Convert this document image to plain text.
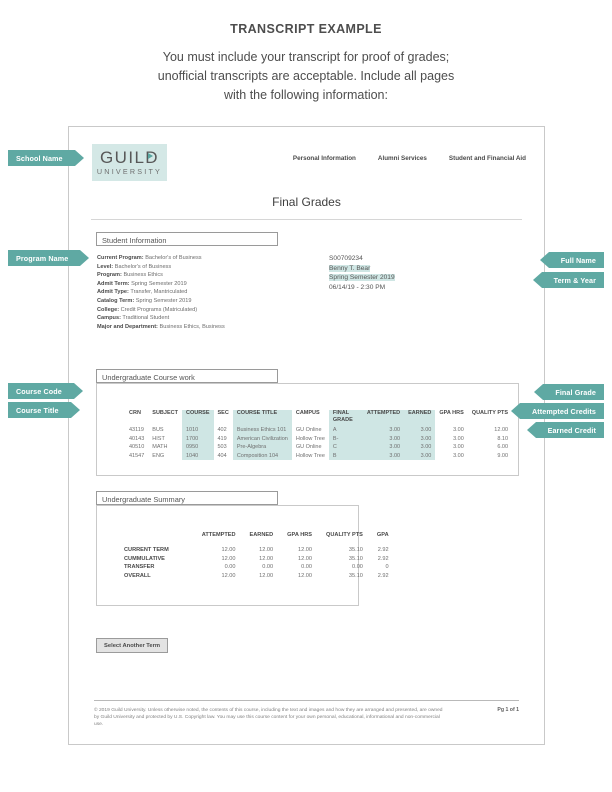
TRANSCRIPT EXAMPLE
You must include your transcript for proof of grades;
unofficial transcripts are acceptable. Include all pages
with the following information:
GUIL D
UNIVERSITY
Personal Information	Alumni Services	Student and Financial Aid
Final Grades
Student Information
Current Program: Bachelor's of Business
Level: Bachelor's of Business
Program: Business Ethics
Admit Term: Spring Semester 2019
Admit Type: Transfer, Mantriculated
Catalog Term: Spring Semester 2019
College: Credit Programs (Matriculated)
Campus: Traditional Student
Major and Department: Business Ethics, Business
S00709234
Benny T. Bear
Spring Semester 2019
06/14/19 - 2:30 PM
Undergraduate Course work
CRN	SUBJECT	COURSE	SEC	COURSE TITLE	CAMPUS	FINAL GRADE	ATTEMPTED	EARNED	GPA HRS	QUALITY PTS
43119	BUS	1010	402	Business Ethics 101	GU Online	A	3.00	3.00	3.00	12.00
40143	HIST	1700	419	American Civilization	Hollow Tree	B-	3.00	3.00	3.00	8.10
40510	MATH	0950	503	Pre-Algebra	GU Online	C	3.00	3.00	3.00	6.00
41547	ENG	1040	404	Composition 104	Hollow Tree	B	3.00	3.00	3.00	9.00
Undergraduate Summary
	ATTEMPTED	EARNED	GPA HRS	QUALITY PTS	GPA
CURRENT TERM	12.00	12.00	12.00	35.10	2.92
CUMMULATIVE	12.00	12.00	12.00	35.10	2.92
TRANSFER	0.00	0.00	0.00	0.00	0
OVERALL	12.00	12.00	12.00	35.10	2.92
Select Another Term
© 2019 Guild University. Unless otherwise noted, the contents of this course, including the text and images and how they are arranged and presented, are owned by Guild University and protected by U.S. Copyright law. You may use this course content for your own personal, educational, informational and non-commercial use.
Pg 1 of 1
School Name
Program Name
Course Code
Course Title
Full Name
Term & Year
Final Grade
Attempted Credits
Earned Credit
